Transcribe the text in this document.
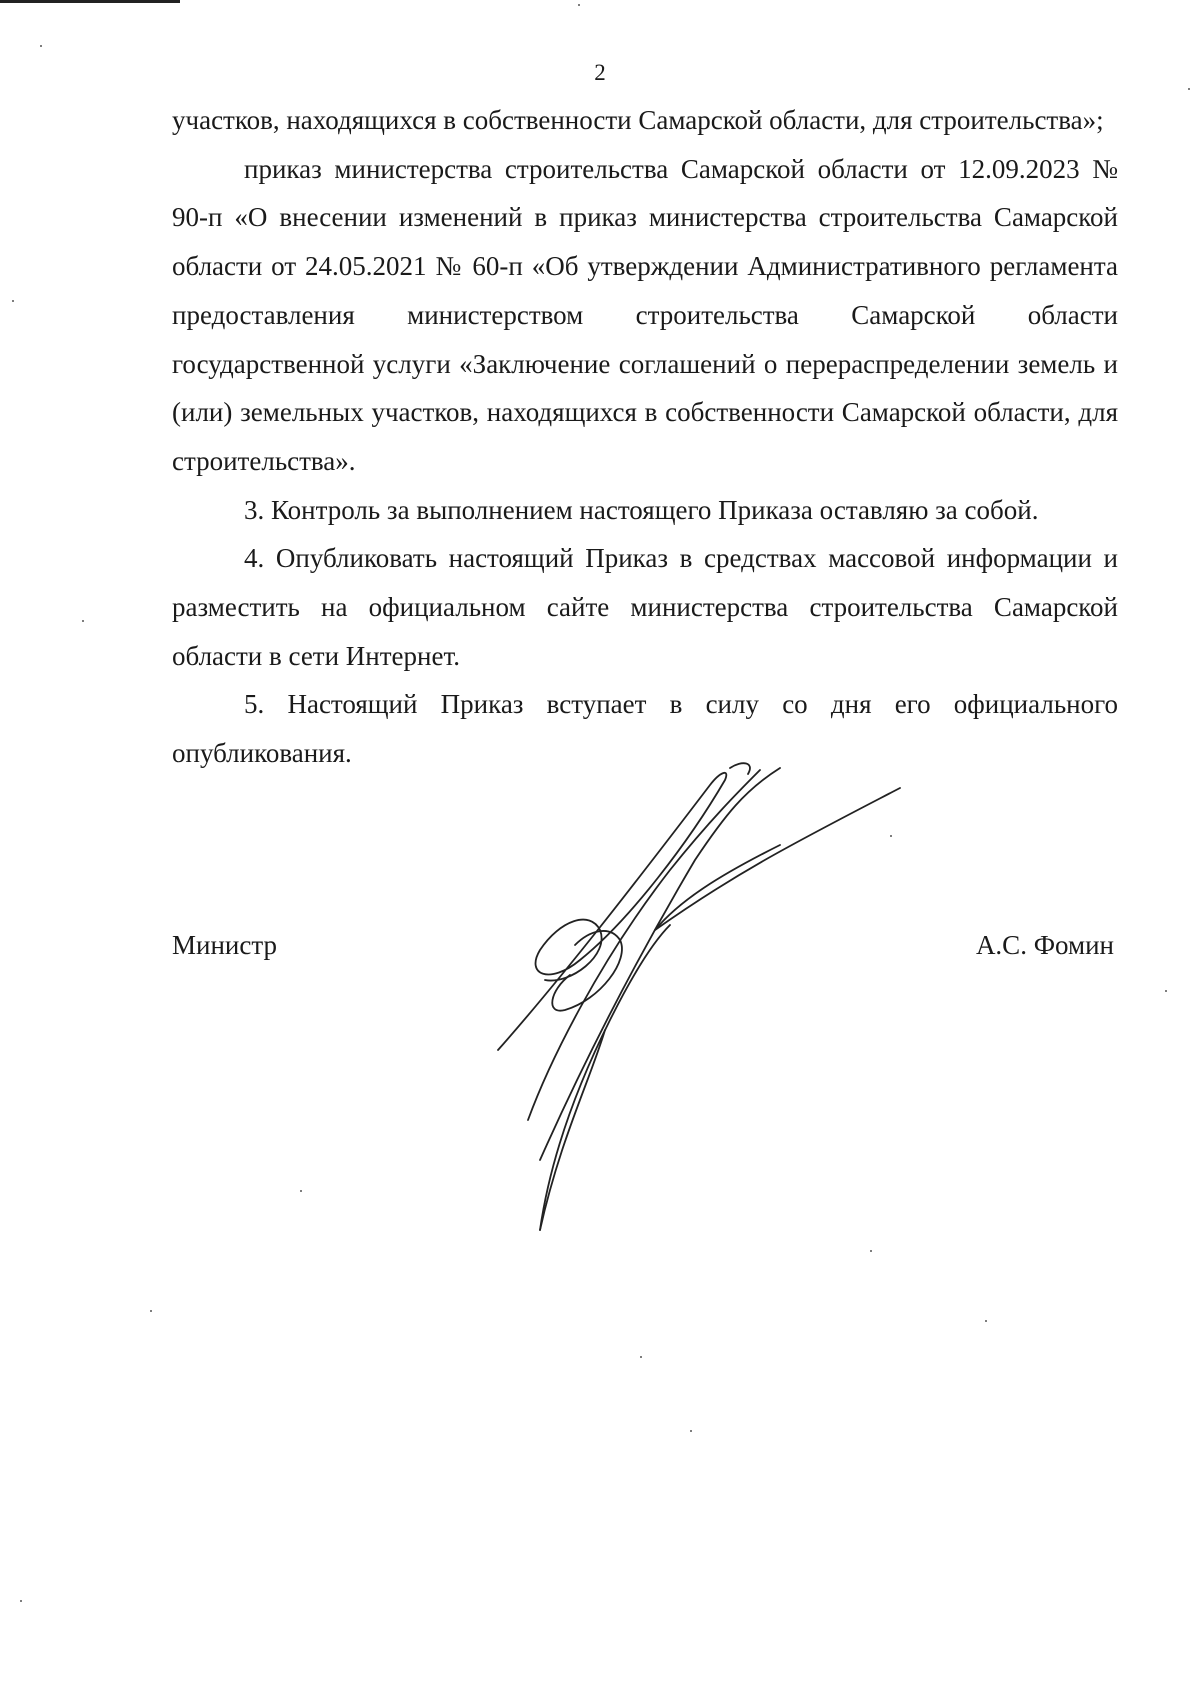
2

участков, находящихся в собственности Самарской области, для строительства»;

приказ министерства строительства Самарской области от 12.09.2023 № 90-п «О внесении изменений в приказ министерства строительства Самарской области от 24.05.2021 № 60-п «Об утверждении Административного регламента предоставления министерством строительства Самарской области государственной услуги «Заключение соглашений о перераспределении земель и (или) земельных участков, находящихся в собственности Самарской области, для строительства».

3. Контроль за выполнением настоящего Приказа оставляю за собой.

4. Опубликовать настоящий Приказ в средствах массовой информации и разместить на официальном сайте министерства строительства Самарской области в сети Интернет.

5. Настоящий Приказ вступает в силу со дня его официального опубликования.

Министр	А.С. Фомин
